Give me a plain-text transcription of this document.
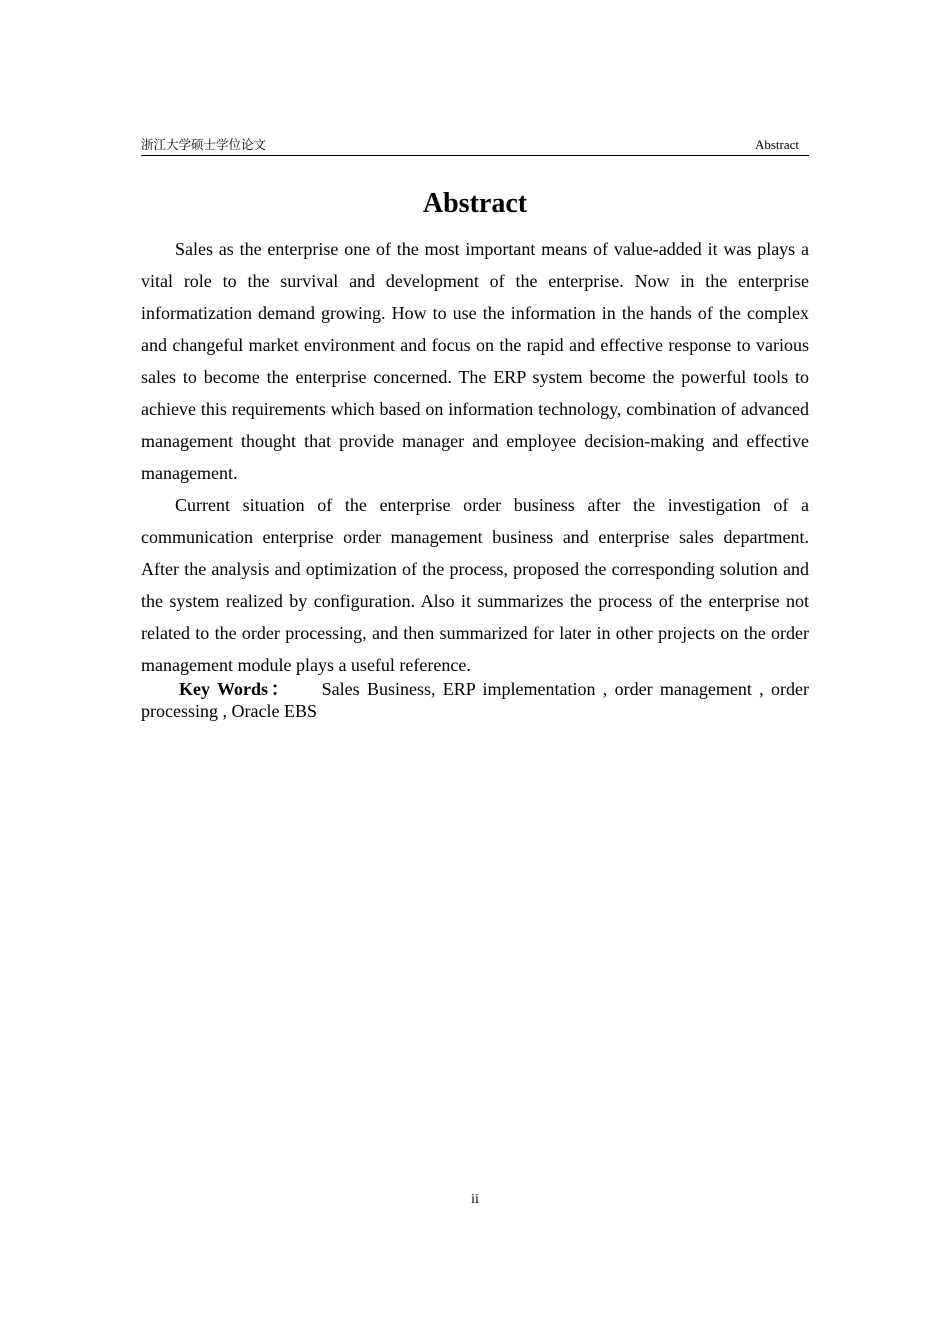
浙江大学硕士学位论文	Abstract
Abstract

Sales as the enterprise one of the most important means of value-added it was plays a vital role to the survival and development of the enterprise. Now in the enterprise informatization demand growing. How to use the information in the hands of the complex and changeful market environment and focus on the rapid and effective response to various sales to become the enterprise concerned. The ERP system become the powerful tools to achieve this requirements which based on information technology, combination of advanced management thought that provide manager and employee decision-making and effective management.

Current situation of the enterprise order business after the investigation of a communication enterprise order management business and enterprise sales department. After the analysis and optimization of the process, proposed the corresponding solution and the system realized by configuration. Also it summarizes the process of the enterprise not related to the order processing, and then summarized for later in other projects on the order management module plays a useful reference.

Key Words： Sales Business, ERP implementation , order management , order processing , Oracle EBS

ii
